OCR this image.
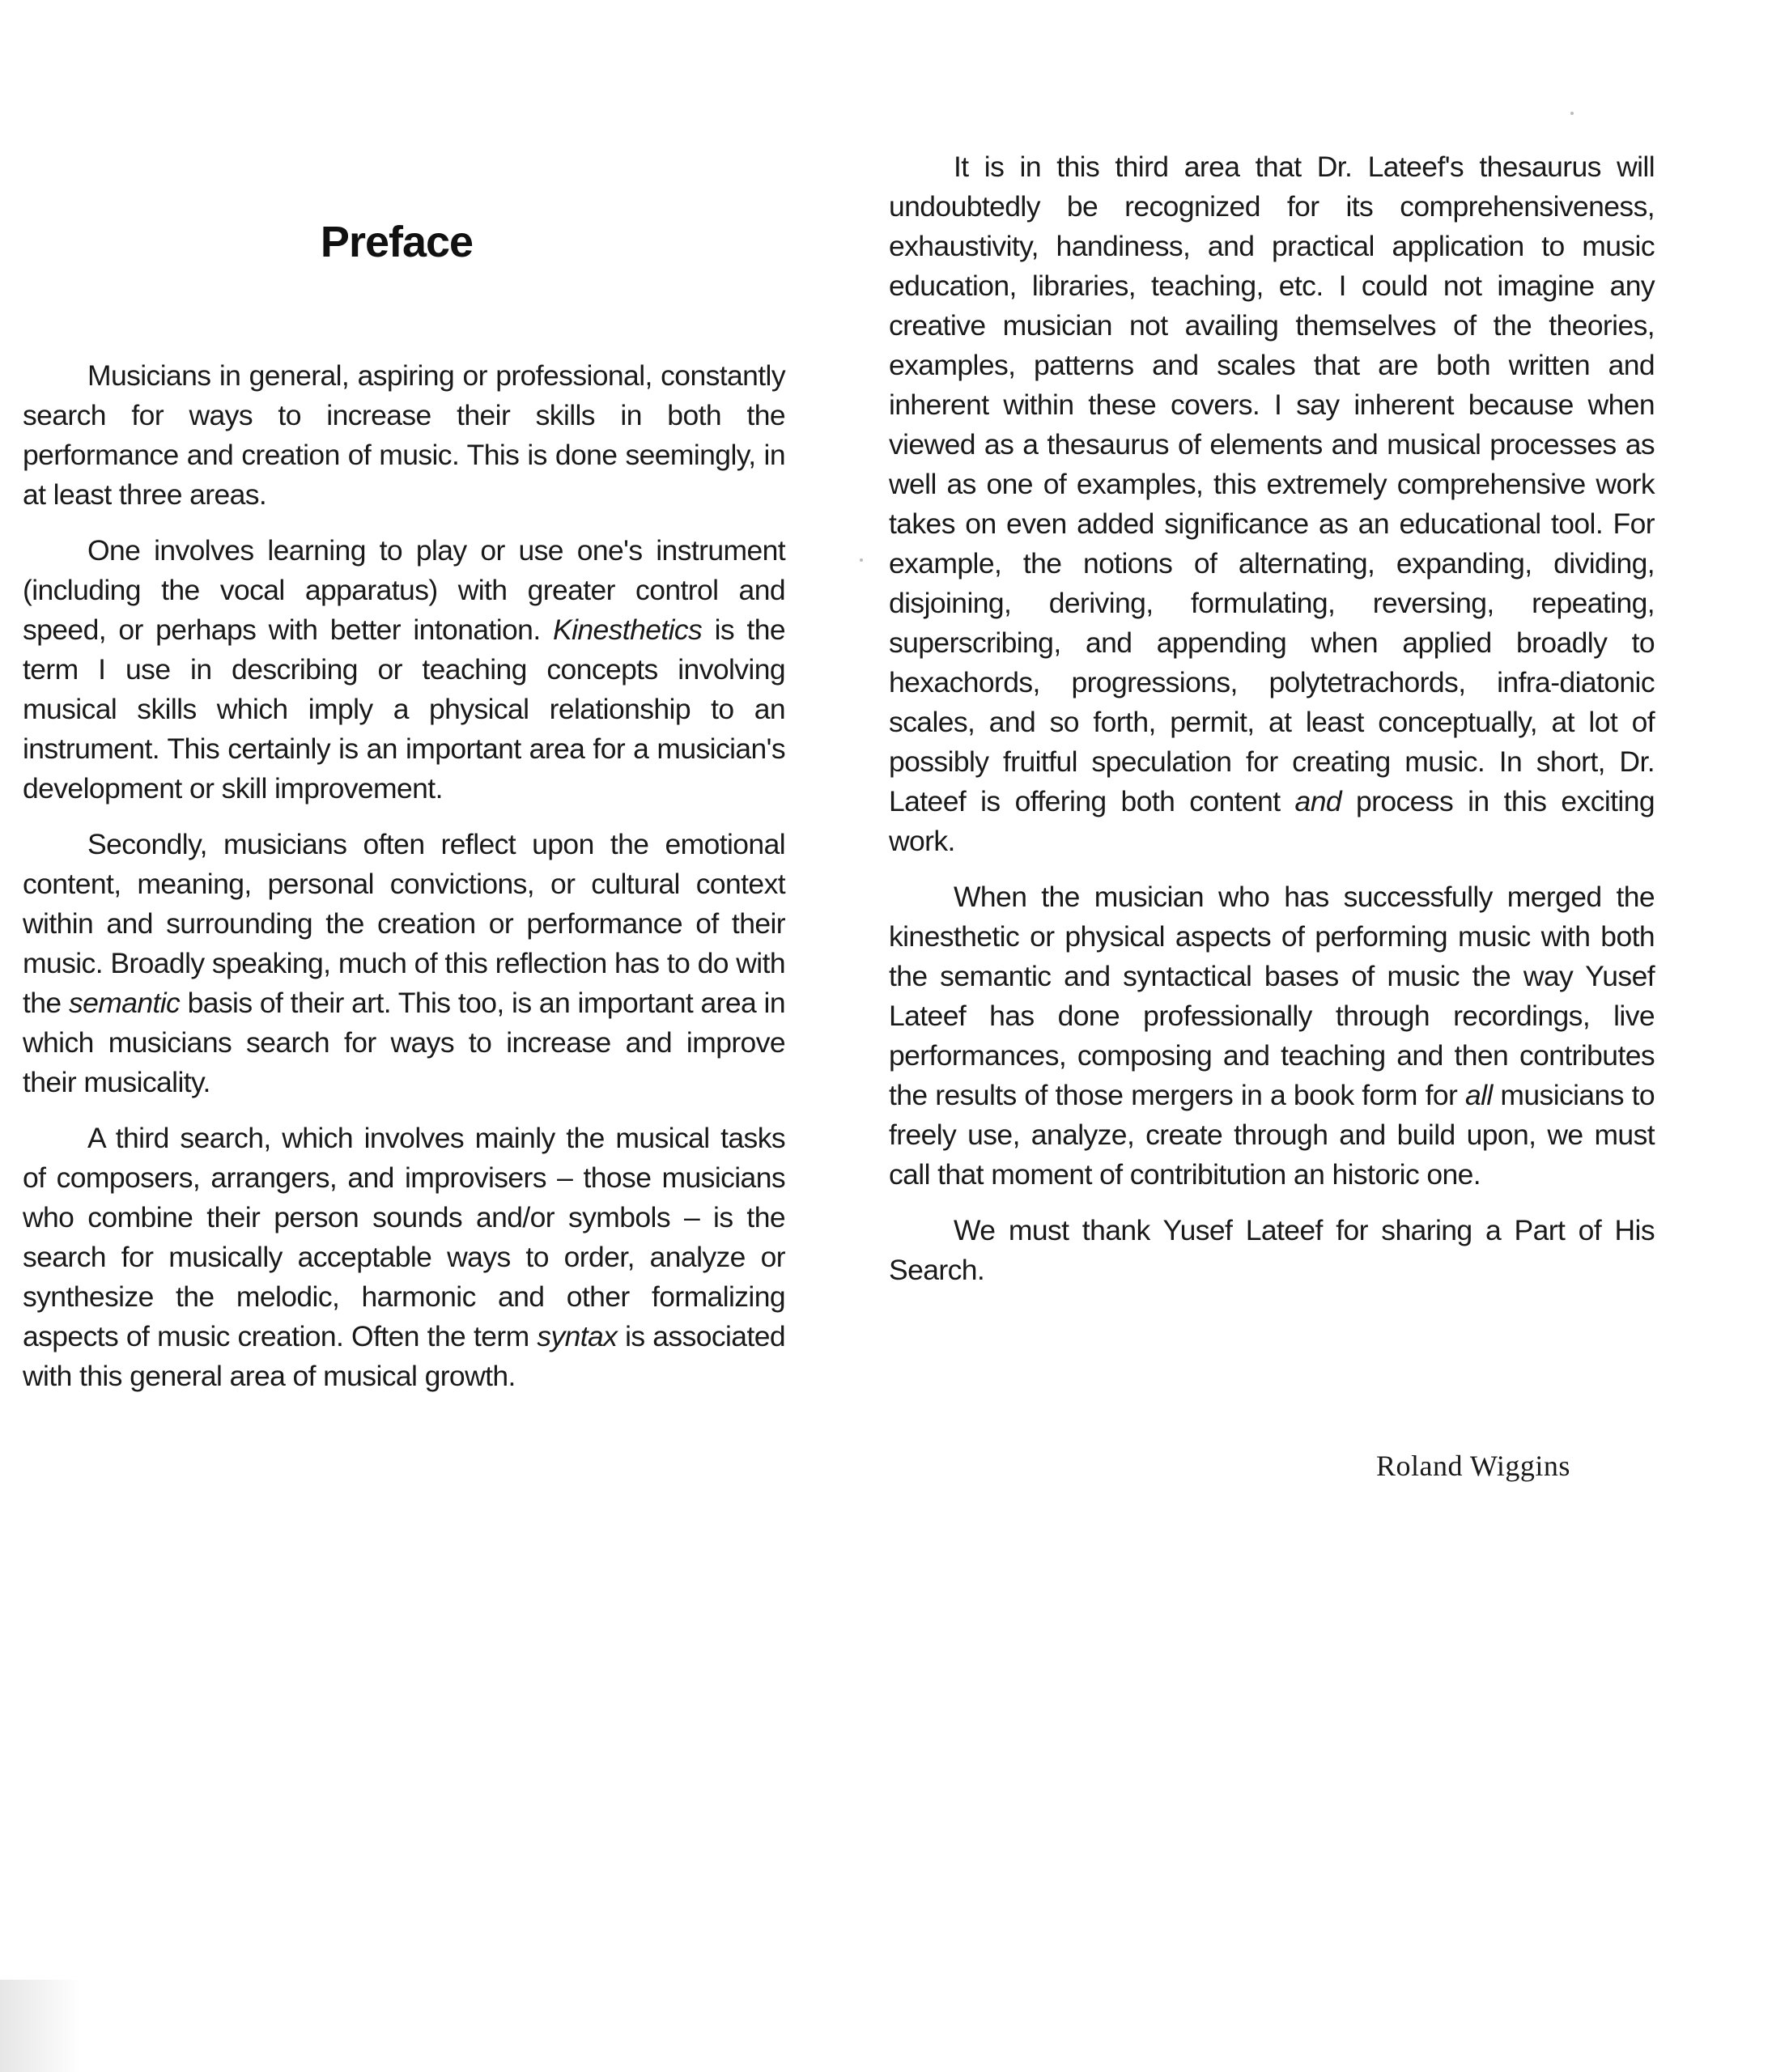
Preface

Musicians in general, aspiring or professional, constantly search for ways to increase their skills in both the performance and creation of music. This is done seemingly, in at least three areas.

One involves learning to play or use one's instrument (including the vocal apparatus) with greater control and speed, or perhaps with better intonation. Kinesthetics is the term I use in describing or teaching concepts involving musical skills which imply a physical relationship to an instrument. This certainly is an important area for a musician's development or skill improvement.

Secondly, musicians often reflect upon the emotional content, meaning, personal convictions, or cultural context within and surrounding the creation or performance of their music. Broadly speaking, much of this reflection has to do with the semantic basis of their art. This too, is an important area in which musicians search for ways to increase and improve their musicality.

A third search, which involves mainly the musical tasks of composers, arrangers, and improvisers – those musicians who combine their person sounds and/or symbols – is the search for musically acceptable ways to order, analyze or synthesize the melodic, harmonic and other formalizing aspects of music creation. Often the term syntax is associated with this general area of musical growth.

It is in this third area that Dr. Lateef's thesaurus will undoubtedly be recognized for its comprehensiveness, exhaustivity, handiness, and practical application to music education, libraries, teaching, etc. I could not imagine any creative musician not availing themselves of the theories, examples, patterns and scales that are both written and inherent within these covers. I say inherent because when viewed as a thesaurus of elements and musical processes as well as one of examples, this extremely comprehensive work takes on even added significance as an educational tool. For example, the notions of alternating, expanding, dividing, disjoining, deriving, formulating, reversing, repeating, superscribing, and appending when applied broadly to hexachords, progressions, polytetrachords, infra-diatonic scales, and so forth, permit, at least conceptually, at lot of possibly fruitful speculation for creating music. In short, Dr. Lateef is offering both content and process in this exciting work.

When the musician who has successfully merged the kinesthetic or physical aspects of performing music with both the semantic and syntactical bases of music the way Yusef Lateef has done professionally through recordings, live performances, composing and teaching and then contributes the results of those mergers in a book form for all musicians to freely use, analyze, create through and build upon, we must call that moment of contribitution an historic one.

We must thank Yusef Lateef for sharing a Part of His Search.

Roland Wiggins
